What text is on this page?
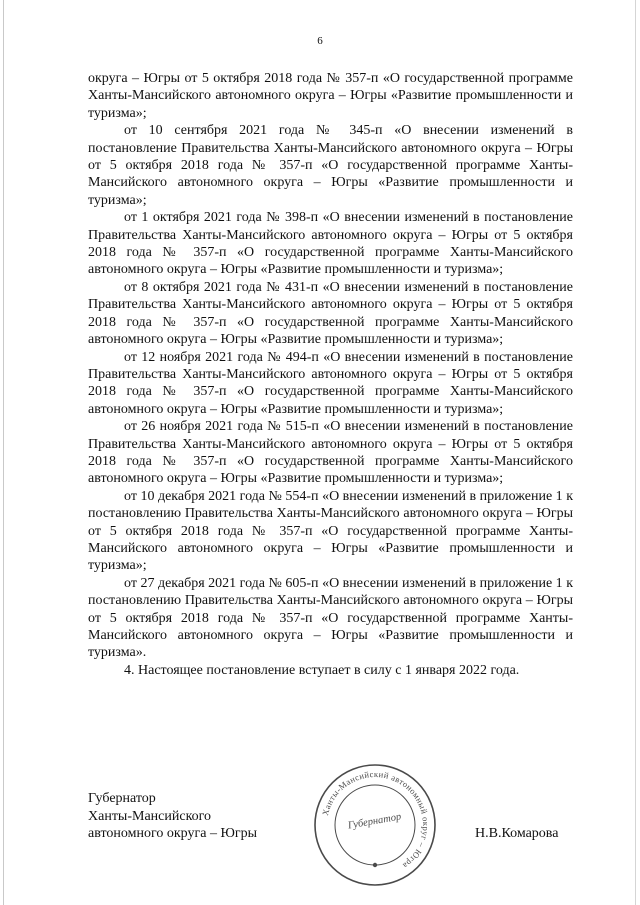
6

округа – Югры от 5 октября 2018 года № 357-п «О государственной программе Ханты-Мансийского автономного округа – Югры «Развитие промышленности и туризма»;

от 10 сентября 2021 года № 345-п «О внесении изменений в постановление Правительства Ханты-Мансийского автономного округа – Югры от 5 октября 2018 года № 357-п «О государственной программе Ханты-Мансийского автономного округа – Югры «Развитие промышленности и туризма»;

от 1 октября 2021 года № 398-п «О внесении изменений в постановление Правительства Ханты-Мансийского автономного округа – Югры от 5 октября 2018 года № 357-п «О государственной программе Ханты-Мансийского автономного округа – Югры «Развитие промышленности и туризма»;

от 8 октября 2021 года № 431-п «О внесении изменений в постановление Правительства Ханты-Мансийского автономного округа – Югры от 5 октября 2018 года № 357-п «О государственной программе Ханты-Мансийского автономного округа – Югры «Развитие промышленности и туризма»;

от 12 ноября 2021 года № 494-п «О внесении изменений в постановление Правительства Ханты-Мансийского автономного округа – Югры от 5 октября 2018 года № 357-п «О государственной программе Ханты-Мансийского автономного округа – Югры «Развитие промышленности и туризма»;

от 26 ноября 2021 года № 515-п «О внесении изменений в постановление Правительства Ханты-Мансийского автономного округа – Югры от 5 октября 2018 года № 357-п «О государственной программе Ханты-Мансийского автономного округа – Югры «Развитие промышленности и туризма»;

от 10 декабря 2021 года № 554-п «О внесении изменений в приложение 1 к постановлению Правительства Ханты-Мансийского автономного округа – Югры от 5 октября 2018 года № 357-п «О государственной программе Ханты-Мансийского автономного округа – Югры «Развитие промышленности и туризма»;

от 27 декабря 2021 года № 605-п «О внесении изменений в приложение 1 к постановлению Правительства Ханты-Мансийского автономного округа – Югры от 5 октября 2018 года № 357-п «О государственной программе Ханты-Мансийского автономного округа – Югры «Развитие промышленности и туризма».

4. Настоящее постановление вступает в силу с 1 января 2022 года.

Губернатор
Ханты-Мансийского
автономного округа – Югры	Н.В.Комарова
Ханты-Мансийский автономный округ – Югра
Губернатор
